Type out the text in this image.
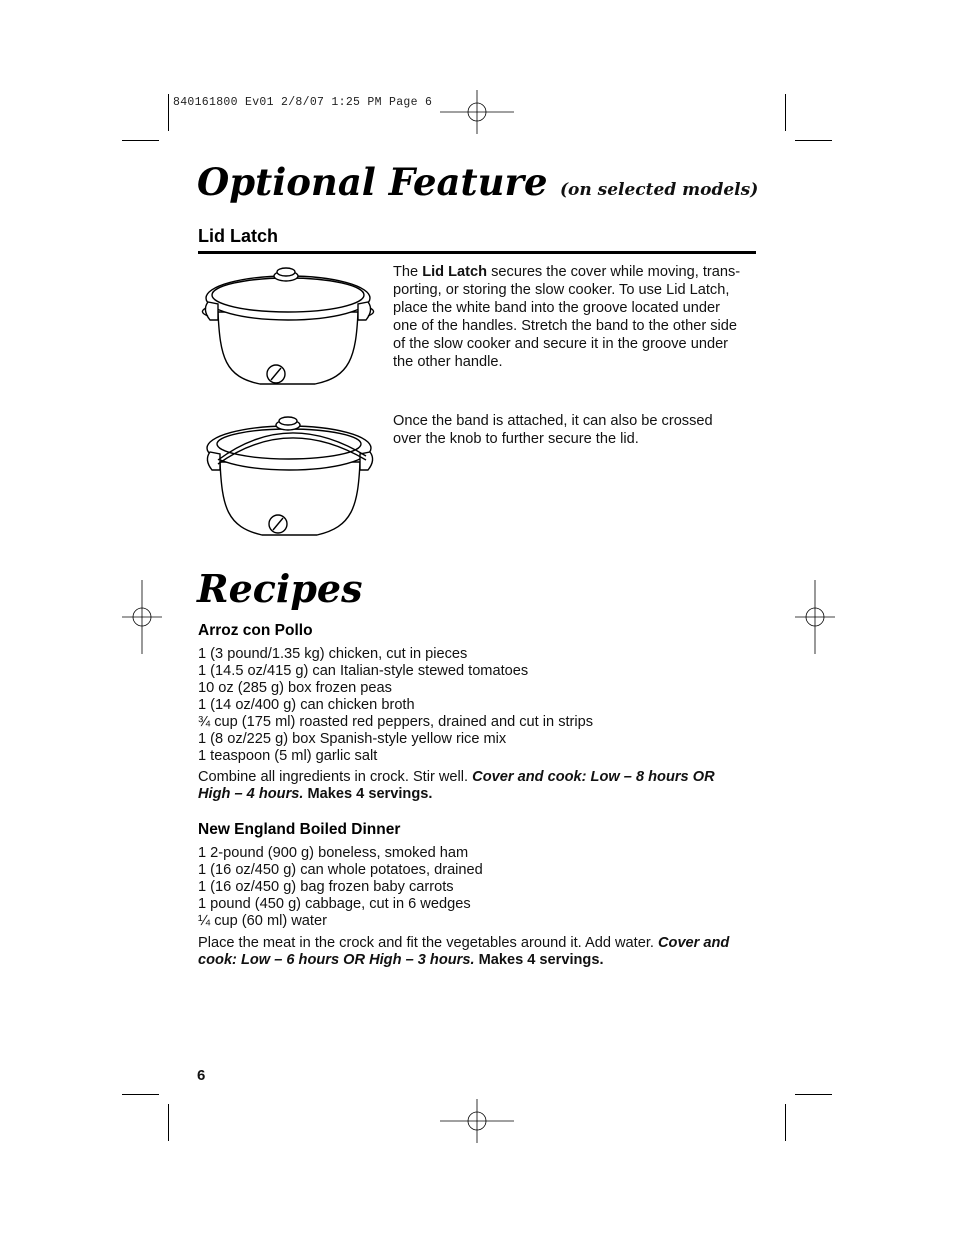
840161800 Ev01 2/8/07 1:25 PM Page 6
Optional Feature (on selected models)
Lid Latch
The Lid Latch secures the cover while moving, trans-
porting, or storing the slow cooker. To use Lid Latch,
place the white band into the groove located under
one of the handles. Stretch the band to the other side
of the slow cooker and secure it in the groove under
the other handle.
Once the band is attached, it can also be crossed
over the knob to further secure the lid.
Recipes
Arroz con Pollo
1 (3 pound/1.35 kg) chicken, cut in pieces
1 (14.5 oz/415 g) can Italian-style stewed tomatoes
10 oz (285 g) box frozen peas
1 (14 oz/400 g) can chicken broth
¾ cup (175 ml) roasted red peppers, drained and cut in strips
1 (8 oz/225 g) box Spanish-style yellow rice mix
1 teaspoon (5 ml) garlic salt
Combine all ingredients in crock. Stir well. Cover and cook: Low – 8 hours OR
High – 4 hours. Makes 4 servings.
New England Boiled Dinner
1 2-pound (900 g) boneless, smoked ham
1 (16 oz/450 g) can whole potatoes, drained
1 (16 oz/450 g) bag frozen baby carrots
1 pound (450 g) cabbage, cut in 6 wedges
¼ cup (60 ml) water
Place the meat in the crock and fit the vegetables around it. Add water. Cover and
cook: Low – 6 hours OR High – 3 hours. Makes 4 servings.
6
